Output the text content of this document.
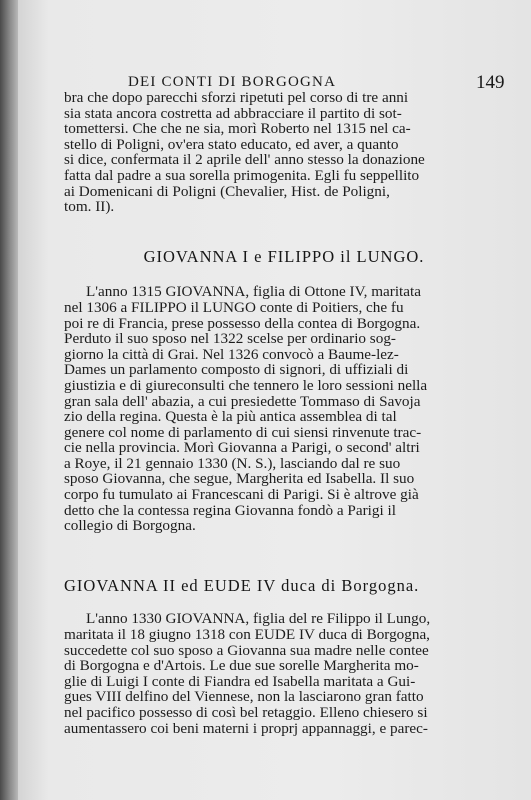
DEI CONTI DI BORGOGNA	149

bra che dopo parecchi sforzi ripetuti pel corso di tre anni
sia stata ancora costretta ad abbracciare il partito di sot-
tomettersi. Che che ne sia, morì Roberto nel 1315 nel ca-
stello di Poligni, ov'era stato educato, ed aver, a quanto
si dice, confermata il 2 aprile dell' anno stesso la donazione
fatta dal padre a sua sorella primogenita. Egli fu seppellito
ai Domenicani di Poligni (Chevalier, Hist. de Poligni,
tom. II).

GIOVANNA I e FILIPPO il LUNGO.

L'anno 1315 GIOVANNA, figlia di Ottone IV, maritata
nel 1306 a FILIPPO il LUNGO conte di Poitiers, che fu
poi re di Francia, prese possesso della contea di Borgogna.
Perduto il suo sposo nel 1322 scelse per ordinario sog-
giorno la città di Grai. Nel 1326 convocò a Baume-lez-
Dames un parlamento composto di signori, di uffiziali di
giustizia e di giureconsulti che tennero le loro sessioni nella
gran sala dell' abazia, a cui presiedette Tommaso di Savoja
zio della regina. Questa è la più antica assemblea di tal
genere col nome di parlamento di cui siensi rinvenute trac-
cie nella provincia. Morì Giovanna a Parigi, o second' altri
a Roye, il 21 gennaio 1330 (N. S.), lasciando dal re suo
sposo Giovanna, che segue, Margherita ed Isabella. Il suo
corpo fu tumulato ai Francescani di Parigi. Si è altrove già
detto che la contessa regina Giovanna fondò a Parigi il
collegio di Borgogna.

GIOVANNA II ed EUDE IV duca di Borgogna.

L'anno 1330 GIOVANNA, figlia del re Filippo il Lungo,
maritata il 18 giugno 1318 con EUDE IV duca di Borgogna,
succedette col suo sposo a Giovanna sua madre nelle contee
di Borgogna e d'Artois. Le due sue sorelle Margherita mo-
glie di Luigi I conte di Fiandra ed Isabella maritata a Gui-
gues VIII delfino del Viennese, non la lasciarono gran fatto
nel pacifico possesso di così bel retaggio. Elleno chiesero si
aumentassero coi beni materni i proprj appannaggi, e parec-
